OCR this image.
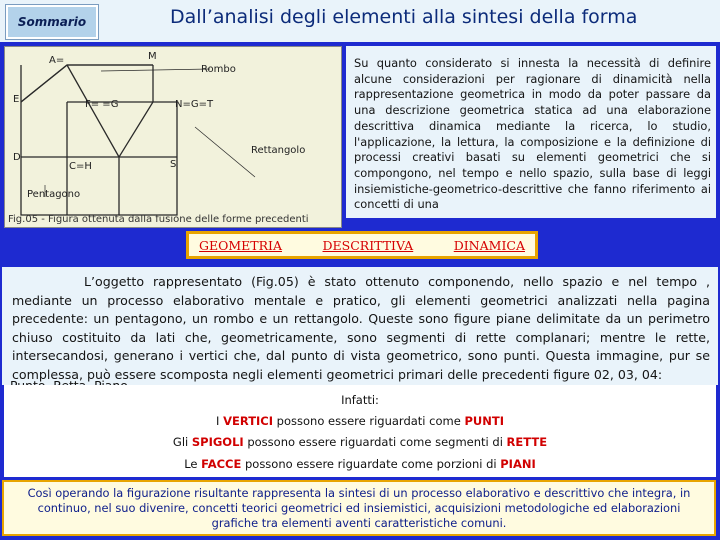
Sommario	Dall’analisi degli elementi alla sintesi della forma
A=	M
E
D
F= =G	N=G=T
C=H	S
Rombo
Rettangolo
Pentagono
Fig.05 - Figura ottenuta dalla fusione delle forme precedenti
Su quanto considerato si innesta la necessità di definire alcune considerazioni per ragionare di dinamicità nella rappresentazione geometrica in modo da poter passare da una descrizione geometrica statica ad una elaborazione descrittiva dinamica mediante la ricerca, lo studio, l'applicazione, la lettura, la composizione e la definizione di processi creativi basati su elementi geometrici che si compongono, nel tempo e nello spazio, sulla base di leggi insiemistiche-geometrico-descrittive che fanno riferimento ai concetti di una
GEOMETRIA	DESCRITTIVA	DINAMICA
L’oggetto rappresentato (Fig.05) è stato ottenuto componendo, nello spazio e nel tempo , mediante un processo elaborativo mentale e pratico, gli elementi geometrici analizzati nella pagina precedente: un pentagono, un rombo e un rettangolo. Queste sono figure piane delimitate da un perimetro chiuso costituito da lati che, geometricamente, sono segmenti di rette complanari; mentre le rette, intersecandosi, generano i vertici che, dal punto di vista geometrico, sono punti. Questa immagine, pur se complessa, può essere scomposta negli elementi geometrici primari delle precedenti figure 02, 03, 04:
Infatti:
I VERTICI possono essere riguardati come PUNTI
Gli SPIGOLI possono essere riguardati come segmenti di RETTE
Le FACCE possono essere riguardate come porzioni di PIANI
Così operando la figurazione risultante rappresenta la sintesi di un processo elaborativo e descrittivo che integra, in continuo, nel suo divenire, concetti teorici geometrici ed insiemistici, acquisizioni metodologiche ed elaborazioni grafiche tra elementi aventi caratteristiche comuni.
